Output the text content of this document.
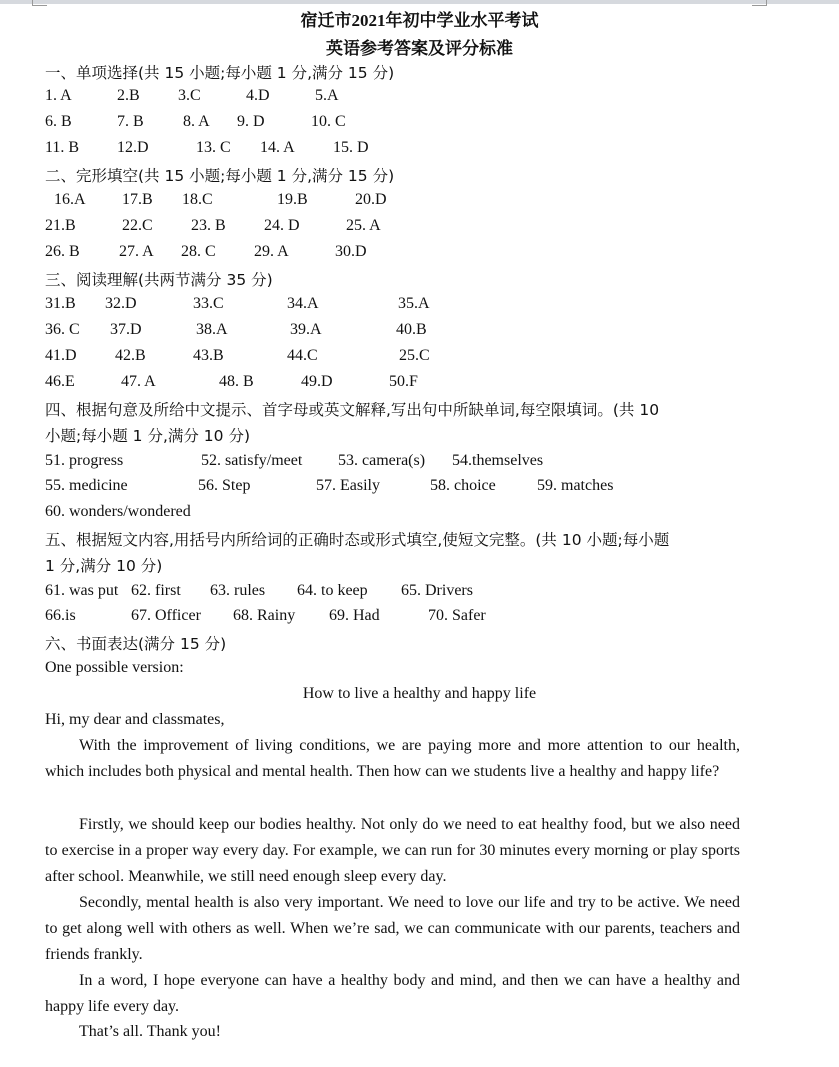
宿迁市2021年初中学业水平考试
英语参考答案及评分标准
一、单项选择(共 15 小题;每小题 1 分,满分 15 分)
1. A	2.B 3.C	4.D	5.A
6. B	7. B 8. A 9. D	10. C
11. B 12.D	13. C 14. A 15. D
二、完形填空(共 15 小题;每小题 1 分,满分 15 分)
16.A 17.B 18.C	19.B	20.D
21.B	22.C 23. B 24. D	25. A
26. B 27. A 28. C 29. A	30.D
三、阅读理解(共两节满分 35 分)
31.B 32.D	33.C	34.A	35.A
36. C 37.D	38.A	39.A	40.B
41.D 42.B	43.B	44.C	25.C
46.E	47. A	48. B	49.D	50.F
四、根据句意及所给中文提示、首字母或英文解释,写出句中所缺单词,每空限填词。(共 10
小题;每小题 1 分,满分 10 分)
51. progress	52. satisfy/meet 53. camera(s) 54.themselves
55. medicine	56. Step	57. Easily	58. choice	59. matches
60. wonders/wondered
五、根据短文内容,用括号内所给词的正确时态或形式填空,使短文完整。(共 10 小题;每小题
1 分,满分 10 分)
61. was put 62. first 63. rules 64. to keep 65. Drivers
66.is	67. Officer 68. Rainy 69. Had	70. Safer
六、书面表达(满分 15 分)
One possible version:
How to live a healthy and happy life
Hi, my dear and classmates,
With the improvement of living conditions, we are paying more and more attention to our health, which includes both physical and mental health. Then how can we students live a healthy and happy life?
Firstly, we should keep our bodies healthy. Not only do we need to eat healthy food, but we also need to exercise in a proper way every day. For example, we can run for 30 minutes every morning or play sports after school. Meanwhile, we still need enough sleep every day.
Secondly, mental health is also very important. We need to love our life and try to be active. We need to get along well with others as well. When we’re sad, we can communicate with our parents, teachers and friends frankly.
In a word, I hope everyone can have a healthy body and mind, and then we can have a healthy and happy life every day.
That’s all. Thank you!
